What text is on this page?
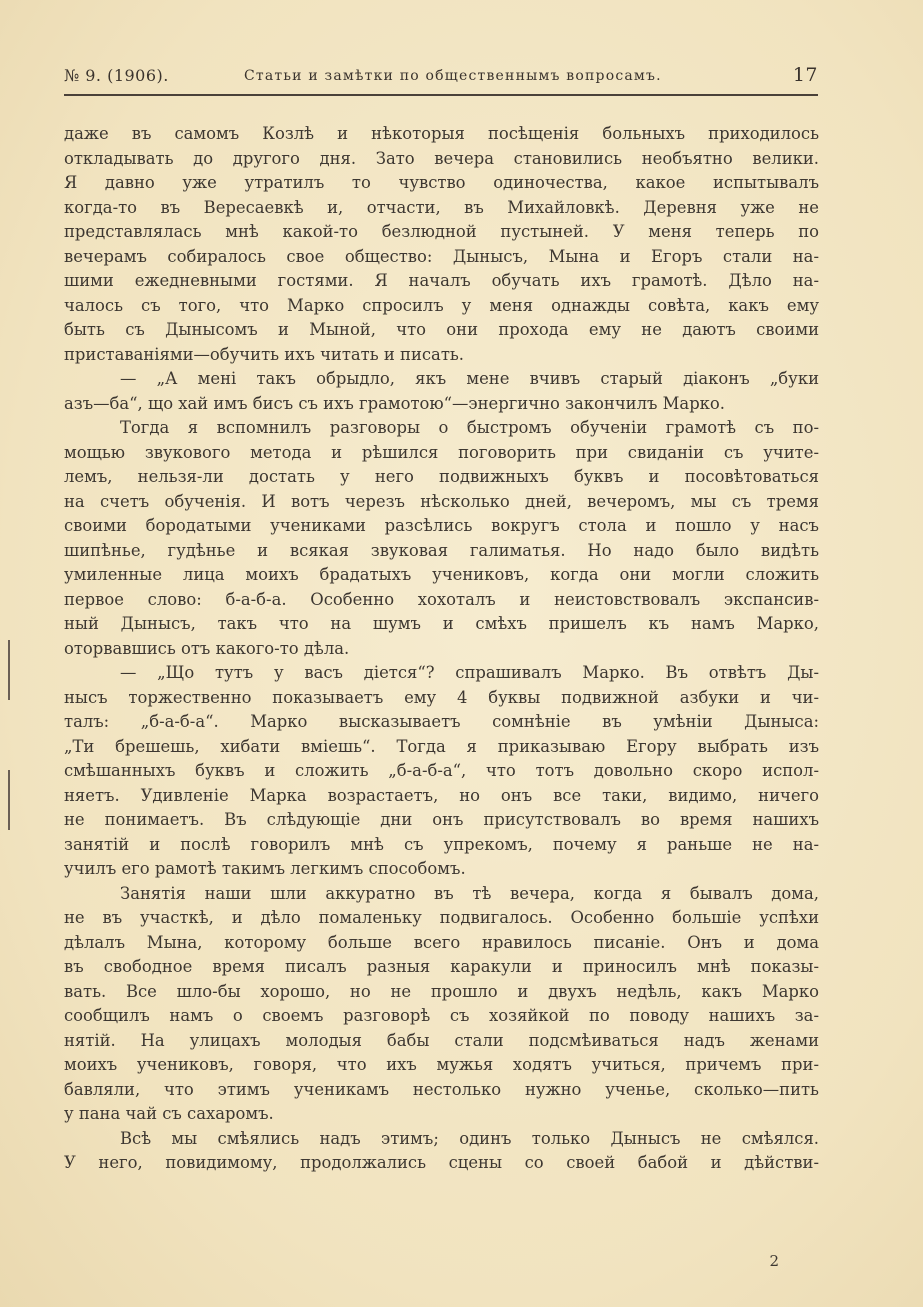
№ 9. (1906).	Статьи и замѣтки по общественнымъ вопросамъ.	17
даже въ самомъ Козлѣ и нѣкоторыя посѣщенія больныхъ приходилось
откладывать до другого дня. Зато вечера становились необъятно велики.
Я давно уже утратилъ то чувство одиночества, какое испытывалъ
когда-то въ Вересаевкѣ и, отчасти, въ Михайловкѣ. Деревня уже не
представлялась мнѣ какой-то безлюдной пустыней. У меня теперь по
вечерамъ собиралось свое общество: Дынысъ, Мына и Егоръ стали на-
шими ежедневными гостями. Я началъ обучать ихъ грамотѣ. Дѣло на-
чалось съ того, что Марко спросилъ у меня однажды совѣта, какъ ему
быть съ Дынысомъ и Мыной, что они прохода ему не даютъ своими
приставаніями—обучить ихъ читать и писать.
— „А менi такъ обрыдло, якъ мене вчивъ старый дiаконъ „буки
азъ—ба“, що хай имъ бисъ съ ихъ грамотою“—энергично закончилъ Марко.
Тогда я вспомнилъ разговоры о быстромъ обученiи грамотѣ съ по-
мощью звукового метода и рѣшился поговорить при свиданiи съ учите-
лемъ, нельзя-ли достать у него подвижныхъ буквъ и посовѣтоваться
на счетъ обученія. И вотъ черезъ нѣсколько дней, вечеромъ, мы съ тремя
своими бородатыми учениками разсѣлись вокругъ стола и пошло у насъ
шипѣнье, гудѣнье и всякая звуковая галиматья. Но надо было видѣть
умиленные лица моихъ брадатыхъ учениковъ, когда они могли сложить
первое слово: б-а-б-а. Особенно хохоталъ и неистовствовалъ экспансив-
ный Дынысъ, такъ что на шумъ и смѣхъ пришелъ къ намъ Марко,
оторвавшись отъ какого-то дѣла.
— „Що тутъ у васъ дiется“? спрашивалъ Марко. Въ отвѣтъ Ды-
нысъ торжественно показываетъ ему 4 буквы подвижной азбуки и чи-
талъ: „б-а-б-а“. Марко высказываетъ сомнѣніе въ умѣніи Дыныса:
„Ти брешешь, хибати вмiешь“. Тогда я приказываю Егору выбрать изъ
смѣшанныхъ буквъ и сложить „б-а-б-а“, что тотъ довольно скоро испол-
няетъ. Удивленіе Марка возрастаетъ, но онъ все таки, видимо, ничего
не понимаетъ. Въ слѣдующіе дни онъ присутствовалъ во время нашихъ
занятій и послѣ говорилъ мнѣ съ упрекомъ, почему я раньше не на-
училъ его рамотѣ такимъ легкимъ способомъ.
Занятія наши шли аккуратно въ тѣ вечера, когда я бывалъ дома,
не въ участкѣ, и дѣло помаленьку подвигалось. Особенно большіе успѣхи
дѣлалъ Мына, которому больше всего нравилось писаніе. Онъ и дома
въ свободное время писалъ разныя каракули и приносилъ мнѣ показы-
вать. Все шло-бы хорошо, но не прошло и двухъ недѣль, какъ Марко
сообщилъ намъ о своемъ разговорѣ съ хозяйкой по поводу нашихъ за-
нятій. На улицахъ молодыя бабы стали подсмѣиваться надъ женами
моихъ учениковъ, говоря, что ихъ мужья ходятъ учиться, причемъ при-
бавляли, что этимъ ученикамъ нестолько нужно ученье, сколько—пить
у пана чай съ сахаромъ.
Всѣ мы смѣялись надъ этимъ; одинъ только Дынысъ не смѣялся.
У него, повидимому, продолжались сцены со своей бабой и дѣйстви-
2
